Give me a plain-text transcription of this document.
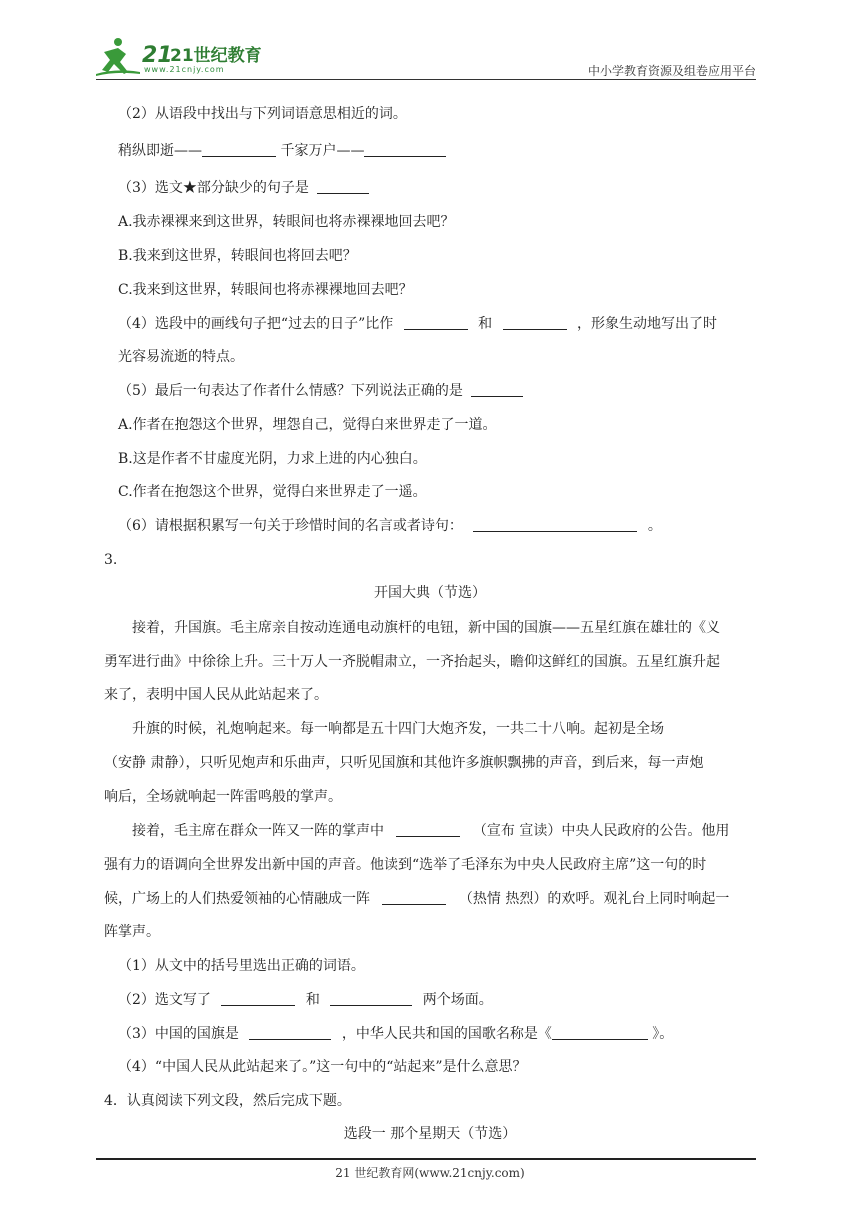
21
21世纪教育
www.21cnjy.com	中小学教育资源及组卷应用平台
（2）从语段中找出与下列词语意思相近的词。
稍纵即逝——	千家万户——
（3）选文★部分缺少的句子是
A.我赤裸裸来到这世界，转眼间也将赤裸裸地回去吧？
B.我来到这世界，转眼间也将回去吧？
C.我来到这世界，转眼间也将赤裸裸地回去吧？
（4）选段中的画线句子把“过去的日子”比作	和	，形象生动地写出了时
光容易流逝的特点。
（5）最后一句表达了作者什么情感？下列说法正确的是
A.作者在抱怨这个世界，埋怨自己，觉得白来世界走了一道。
B.这是作者不甘虚度光阴，力求上进的内心独白。
C.作者在抱怨这个世界，觉得白来世界走了一遥。
（6）请根据积累写一句关于珍惜时间的名言或者诗句：	。
3.
开国大典（节选）
接着，升国旗。毛主席亲自按动连通电动旗杆的电钮，新中国的国旗——五星红旗在雄壮的《义
勇军进行曲》中徐徐上升。三十万人一齐脱帽肃立，一齐抬起头，瞻仰这鲜红的国旗。五星红旗升起
来了，表明中国人民从此站起来了。
升旗的时候，礼炮响起来。每一响都是五十四门大炮齐发，一共二十八响。起初是全场
（安静 肃静），只听见炮声和乐曲声，只听见国旗和其他许多旗帜飘拂的声音，到后来，每一声炮
响后，全场就响起一阵雷鸣般的掌声。
接着，毛主席在群众一阵又一阵的掌声中	（宣布 宣读）中央人民政府的公告。他用
强有力的语调向全世界发出新中国的声音。他读到“选举了毛泽东为中央人民政府主席”这一句的时
候，广场上的人们热爱领袖的心情融成一阵	（热情 热烈）的欢呼。观礼台上同时响起一
阵掌声。
（1）从文中的括号里选出正确的词语。
（2）选文写了	和	两个场面。
（3）中国的国旗是	，中华人民共和国的国歌名称是《	》。
（4）“中国人民从此站起来了。”这一句中的“站起来”是什么意思？
4．认真阅读下列文段，然后完成下题。
选段一 那个星期天（节选）
21 世纪教育网(www.21cnjy.com)
